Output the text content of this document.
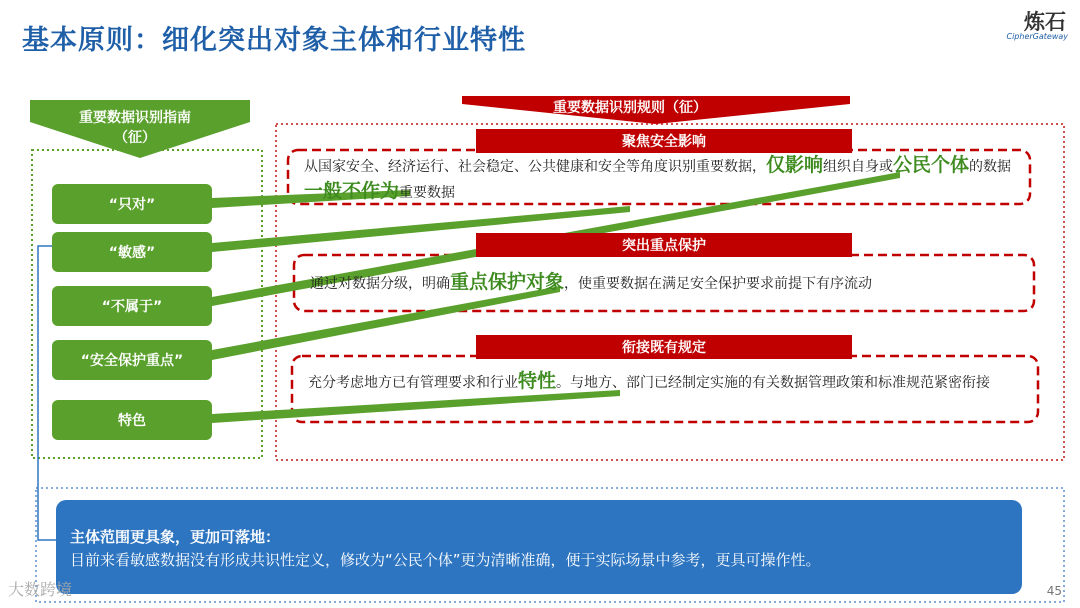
基本原则：细化突出对象主体和行业特性
炼石
CipherGateway
重要数据识别指南（征）
重要数据识别规则（征）
“只对”
“敏感”
“不属于”
“安全保护重点”
特色
聚焦安全影响
突出重点保护
衔接既有规定
从国家安全、经济运行、社会稳定、公共健康和安全等角度识别重要数据，仅影响组织自身或公民个体的数据一般不作为重要数据
通过对数据分级，明确重点保护对象，使重要数据在满足安全保护要求前提下有序流动
充分考虑地方已有管理要求和行业特性。与地方、部门已经制定实施的有关数据管理政策和标准规范紧密衔接
主体范围更具象，更加可落地：
目前来看敏感数据没有形成共识性定义，修改为“公民个体”更为清晰准确，便于实际场景中参考，更具可操作性。
大数跨境	45
